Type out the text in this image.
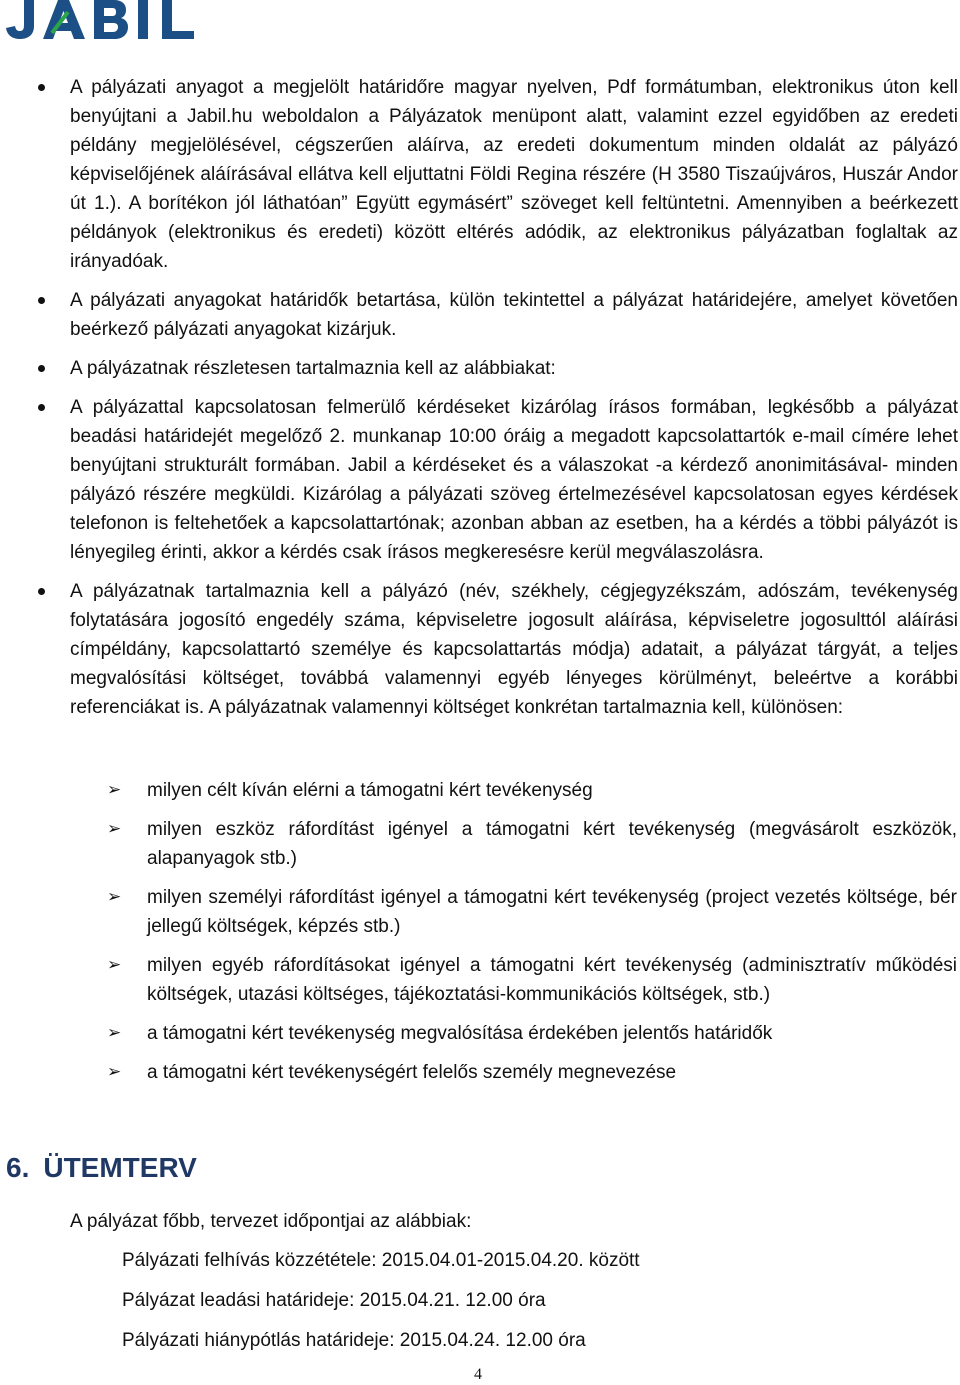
A pályázati anyagot a megjelölt határidőre magyar nyelven, Pdf formátumban, elektronikus úton kell benyújtani a Jabil.hu weboldalon a Pályázatok menüpont alatt, valamint ezzel egyidőben az eredeti példány megjelölésével, cégszerűen aláírva, az eredeti dokumentum minden oldalát az pályázó képviselőjének aláírásával ellátva kell eljuttatni Földi Regina részére (H 3580 Tiszaújváros, Huszár Andor út 1.). A borítékon jól láthatóan” Együtt egymásért” szöveget kell feltüntetni. Amennyiben a beérkezett példányok (elektronikus és eredeti) között eltérés adódik, az elektronikus pályázatban foglaltak az irányadóak.
A pályázati anyagokat határidők betartása, külön tekintettel a pályázat határidejére, amelyet követően beérkező pályázati anyagokat kizárjuk.
A pályázatnak részletesen tartalmaznia kell az alábbiakat:
A pályázattal kapcsolatosan felmerülő kérdéseket kizárólag írásos formában, legkésőbb a pályázat beadási határidejét megelőző 2. munkanap 10:00 óráig a megadott kapcsolattartók e-mail címére lehet benyújtani strukturált formában. Jabil a kérdéseket és a válaszokat -a kérdező anonimitásával- minden pályázó részére megküldi. Kizárólag a pályázati szöveg értelmezésével kapcsolatosan egyes kérdések telefonon is feltehetőek a kapcsolattartónak; azonban abban az esetben, ha a kérdés a többi pályázót is lényegileg érinti, akkor a kérdés csak írásos megkeresésre kerül megválaszolásra.
A pályázatnak tartalmaznia kell a pályázó (név, székhely, cégjegyzékszám, adószám, tevékenység folytatására jogosító engedély száma, képviseletre jogosult aláírása, képviseletre jogosulttól aláírási címpéldány, kapcsolattartó személye és kapcsolattartás módja) adatait, a pályázat tárgyát, a teljes megvalósítási költséget, továbbá valamennyi egyéb lényeges körülményt, beleértve a korábbi referenciákat is. A pályázatnak valamennyi költséget konkrétan tartalmaznia kell, különösen:
➢ milyen célt kíván elérni a támogatni kért tevékenység
➢ milyen eszköz ráfordítást igényel a támogatni kért tevékenység (megvásárolt eszközök, alapanyagok stb.)
➢ milyen személyi ráfordítást igényel a támogatni kért tevékenység (project vezetés költsége, bér jellegű költségek, képzés stb.)
➢ milyen egyéb ráfordításokat igényel a támogatni kért tevékenység (adminisztratív működési költségek, utazási költséges, tájékoztatási-kommunikációs költségek, stb.)
➢ a támogatni kért tevékenység megvalósítása érdekében jelentős határidők
➢ a támogatni kért tevékenységért felelős személy megnevezése
6. ÜTEMTERV
A pályázat főbb, tervezet időpontjai az alábbiak:
Pályázati felhívás közzététele: 2015.04.01-2015.04.20. között
Pályázat leadási határideje: 2015.04.21. 12.00 óra
Pályázati hiánypótlás határideje: 2015.04.24. 12.00 óra
4
